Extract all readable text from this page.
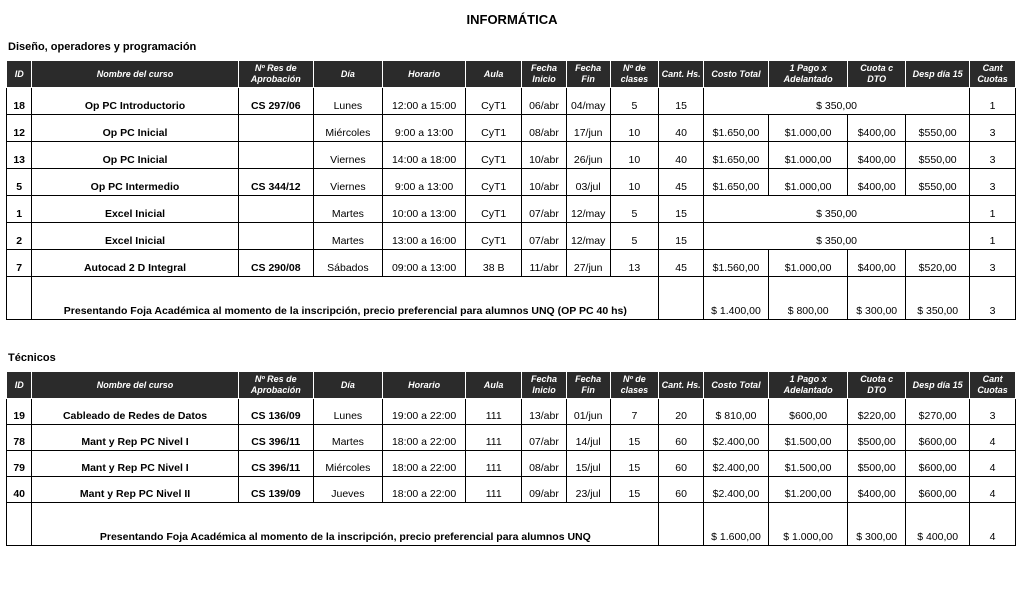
INFORMÁTICA
Diseño, operadores y programación
ID	Nombre del curso	Nº Res de Aprobación	Día	Horario	Aula	Fecha Inicio	Fecha Fin	Nº de clases	Cant. Hs.	Costo Total	1 Pago x Adelantado	Cuota c DTO	Desp día 15	Cant Cuotas
18	Op PC Introductorio	CS 297/06	Lunes	12:00 a 15:00	CyT1	06/abr	04/may	5	15	$ 350,00				1
12	Op PC Inicial		Miércoles	9:00 a 13:00	CyT1	08/abr	17/jun	10	40	$1.650,00	$1.000,00	$400,00	$550,00	3
13	Op PC Inicial		Viernes	14:00 a 18:00	CyT1	10/abr	26/jun	10	40	$1.650,00	$1.000,00	$400,00	$550,00	3
5	Op PC Intermedio	CS 344/12	Viernes	9:00 a 13:00	CyT1	10/abr	03/jul	10	45	$1.650,00	$1.000,00	$400,00	$550,00	3
1	Excel Inicial		Martes	10:00 a 13:00	CyT1	07/abr	12/may	5	15	$ 350,00				1
2	Excel Inicial		Martes	13:00 a 16:00	CyT1	07/abr	12/may	5	15	$ 350,00				1
7	Autocad 2 D Integral	CS 290/08	Sábados	09:00 a 13:00	38 B	11/abr	27/jun	13	45	$1.560,00	$1.000,00	$400,00	$520,00	3
	Presentando Foja Académica al momento de la inscripción, precio preferencial para alumnos UNQ (OP PC 40 hs)									$ 1.400,00	$ 800,00	$ 300,00	$ 350,00	3
Técnicos
ID	Nombre del curso	Nº Res de Aprobación	Día	Horario	Aula	Fecha Inicio	Fecha Fin	Nº de clases	Cant. Hs.	Costo Total	1 Pago x Adelantado	Cuota c DTO	Desp día 15	Cant Cuotas
19	Cableado de Redes de Datos	CS 136/09	Lunes	19:00 a 22:00	111	13/abr	01/jun	7	20	$ 810,00	$600,00	$220,00	$270,00	3
78	Mant y Rep PC Nivel I	CS 396/11	Martes	18:00 a 22:00	111	07/abr	14/jul	15	60	$2.400,00	$1.500,00	$500,00	$600,00	4
79	Mant y Rep PC Nivel I	CS 396/11	Miércoles	18:00 a 22:00	111	08/abr	15/jul	15	60	$2.400,00	$1.500,00	$500,00	$600,00	4
40	Mant y Rep PC Nivel II	CS 139/09	Jueves	18:00 a 22:00	111	09/abr	23/jul	15	60	$2.400,00	$1.200,00	$400,00	$600,00	4
	Presentando Foja Académica al momento de la inscripción, precio preferencial para alumnos UNQ									$ 1.600,00	$ 1.000,00	$ 300,00	$ 400,00	4
